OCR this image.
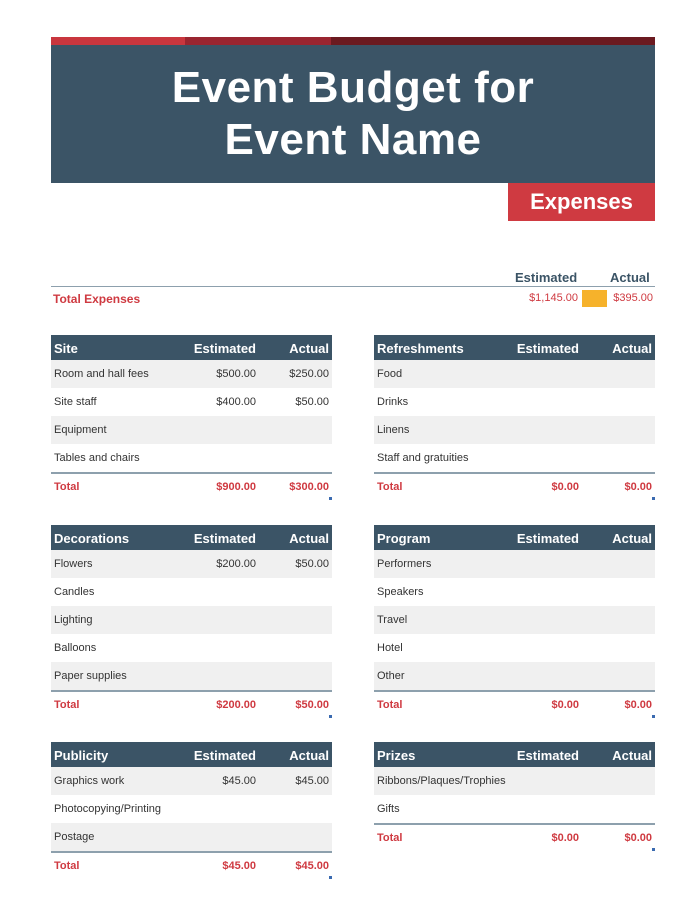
Event Budget for
Event Name
Expenses
Estimated	Actual
Total Expenses	$1,145.00	$395.00
Site	Estimated	Actual
Room and hall fees	$500.00	$250.00
Site staff	$400.00	$50.00
Equipment
Tables and chairs
Total	$900.00	$300.00
Refreshments	Estimated	Actual
Food
Drinks
Linens
Staff and gratuities
Total	$0.00	$0.00
Decorations	Estimated	Actual
Flowers	$200.00	$50.00
Candles
Lighting
Balloons
Paper supplies
Total	$200.00	$50.00
Program	Estimated	Actual
Performers
Speakers
Travel
Hotel
Other
Total	$0.00	$0.00
Publicity	Estimated	Actual
Graphics work	$45.00	$45.00
Photocopying/Printing
Postage
Total	$45.00	$45.00
Prizes	Estimated	Actual
Ribbons/Plaques/Trophies
Gifts
Total	$0.00	$0.00
